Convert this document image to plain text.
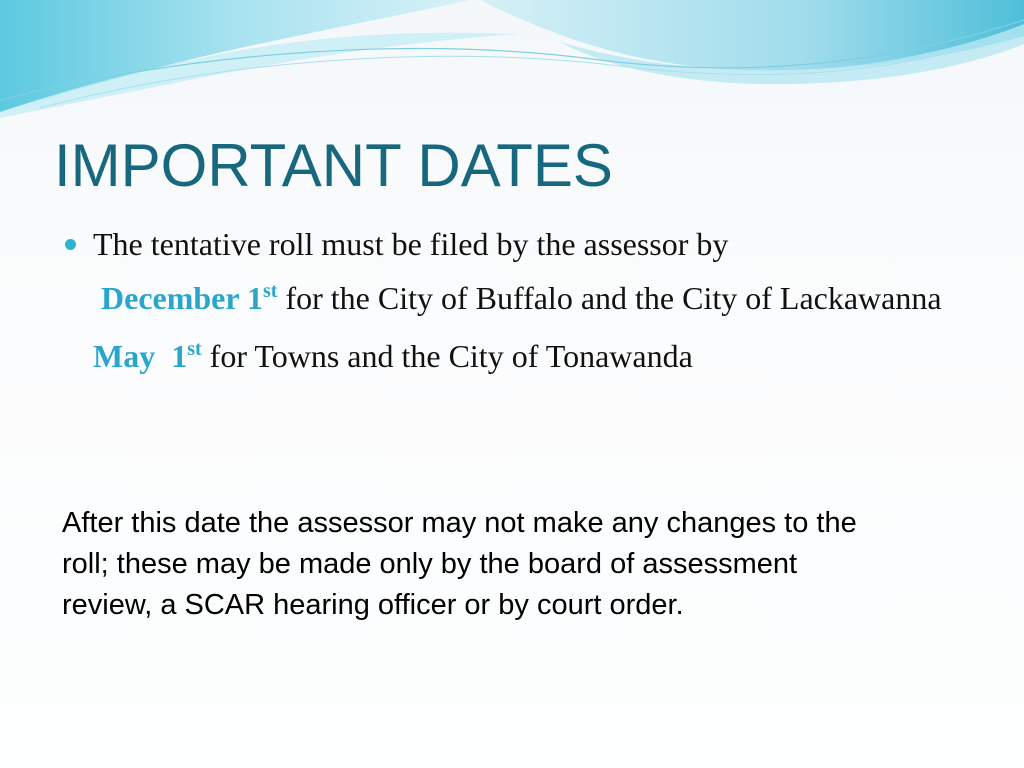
IMPORTANT DATES
The tentative roll must be filed by the assessor by
December 1st for the City of Buffalo and the City of Lackawanna
May  1st for Towns and the City of Tonawanda

After this date the assessor may not make any changes to the roll; these may be made only by the board of assessment review, a SCAR hearing officer or by court order.
